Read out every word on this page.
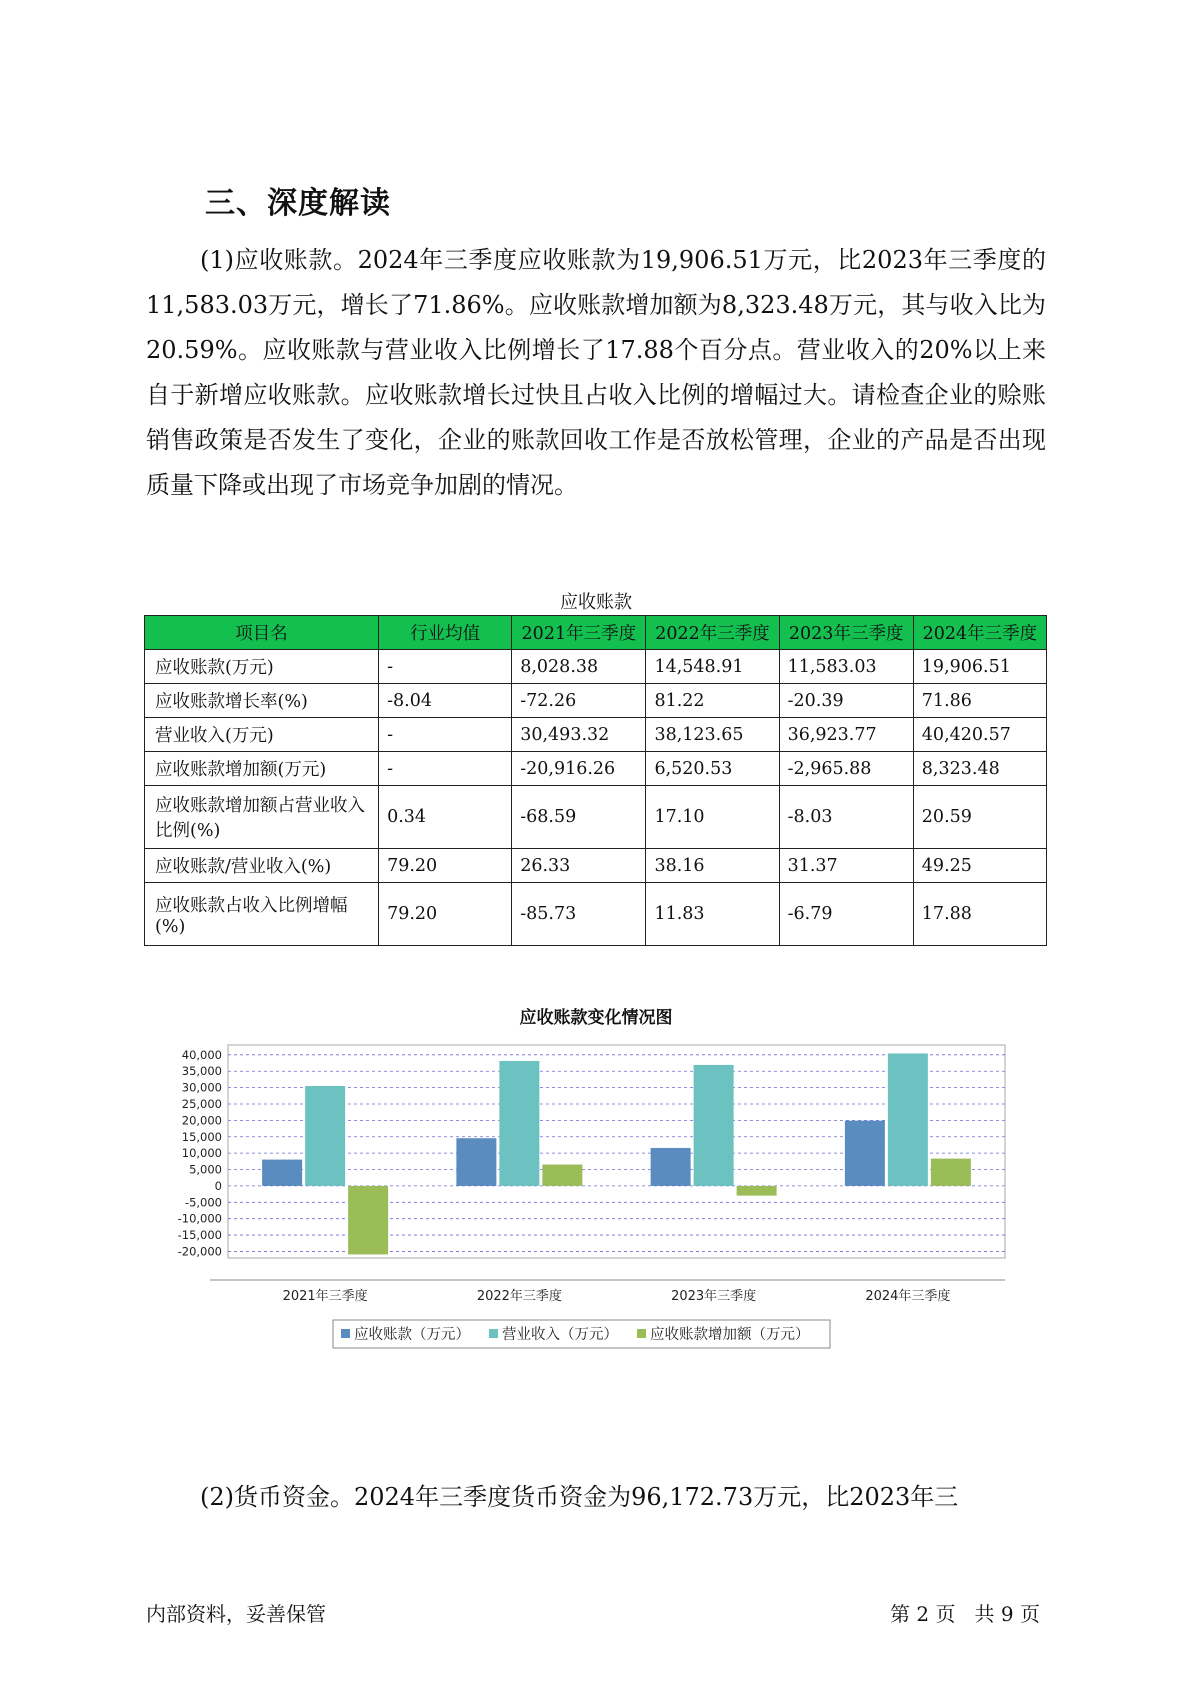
三、深度解读

(1)应收账款。2024年三季度应收账款为19,906.51万元，比2023年三季度的11,583.03万元，增长了71.86%。应收账款增加额为8,323.48万元，其与收入比为20.59%。应收账款与营业收入比例增长了17.88个百分点。营业收入的20%以上来自于新增应收账款。应收账款增长过快且占收入比例的增幅过大。请检查企业的赊账销售政策是否发生了变化，企业的账款回收工作是否放松管理，企业的产品是否出现质量下降或出现了市场竞争加剧的情况。

应收账款
项目名	行业均值	2021年三季度	2022年三季度	2023年三季度	2024年三季度
应收账款(万元)	-	8,028.38	14,548.91	11,583.03	19,906.51
应收账款增长率(%)	-8.04	-72.26	81.22	-20.39	71.86
营业收入(万元)	-	30,493.32	38,123.65	36,923.77	40,420.57
应收账款增加额(万元)	-	-20,916.26	6,520.53	-2,965.88	8,323.48
应收账款增加额占营业收入比例(%)	0.34	-68.59	17.10	-8.03	20.59
应收账款/营业收入(%)	79.20	26.33	38.16	31.37	49.25
应收账款占收入比例增幅(%)	79.20	-85.73	11.83	-6.79	17.88
应收账款变化情况图
40,000
35,000
30,000
25,000
20,000
15,000
10,000
5,000
0
-5,000
-10,000
-15,000
-20,000
2021年三季度	2022年三季度	2023年三季度	2024年三季度
应收账款（万元） 营业收入（万元） 应收账款增加额（万元）

(2)货币资金。2024年三季度货币资金为96,172.73万元，比2023年三

内部资料，妥善保管	第 2 页   共 9 页
